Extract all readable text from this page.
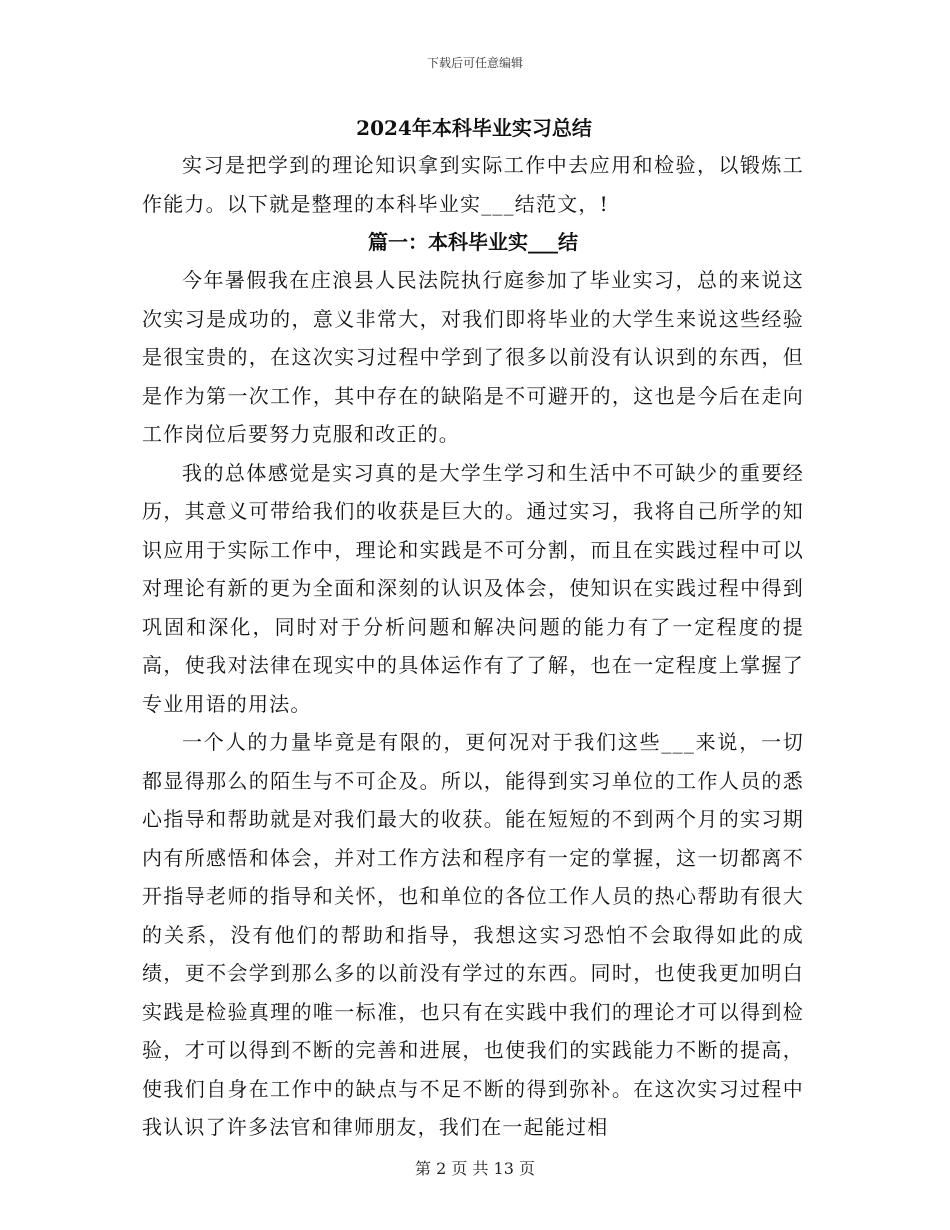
下载后可任意编辑

2024年本科毕业实习总结

实习是把学到的理论知识拿到实际工作中去应用和检验，以锻炼工作能力。以下就是整理的本科毕业实___结范文，!

篇一：本科毕业实___结

今年暑假我在庄浪县人民法院执行庭参加了毕业实习，总的来说这次实习是成功的，意义非常大，对我们即将毕业的大学生来说这些经验是很宝贵的，在这次实习过程中学到了很多以前没有认识到的东西，但是作为第一次工作，其中存在的缺陷是不可避开的，这也是今后在走向工作岗位后要努力克服和改正的。

我的总体感觉是实习真的是大学生学习和生活中不可缺少的重要经历，其意义可带给我们的收获是巨大的。通过实习，我将自己所学的知识应用于实际工作中，理论和实践是不可分割，而且在实践过程中可以对理论有新的更为全面和深刻的认识及体会，使知识在实践过程中得到巩固和深化，同时对于分析问题和解决问题的能力有了一定程度的提高，使我对法律在现实中的具体运作有了了解，也在一定程度上掌握了专业用语的用法。

一个人的力量毕竟是有限的，更何况对于我们这些___来说，一切都显得那么的陌生与不可企及。所以，能得到实习单位的工作人员的悉心指导和帮助就是对我们最大的收获。能在短短的不到两个月的实习期内有所感悟和体会，并对工作方法和程序有一定的掌握，这一切都离不开指导老师的指导和关怀，也和单位的各位工作人员的热心帮助有很大的关系，没有他们的帮助和指导，我想这实习恐怕不会取得如此的成绩，更不会学到那么多的以前没有学过的东西。同时，也使我更加明白实践是检验真理的唯一标准，也只有在实践中我们的理论才可以得到检验，才可以得到不断的完善和进展，也使我们的实践能力不断的提高，使我们自身在工作中的缺点与不足不断的得到弥补。在这次实习过程中我认识了许多法官和律师朋友，我们在一起能过相

第 2 页 共 13 页
